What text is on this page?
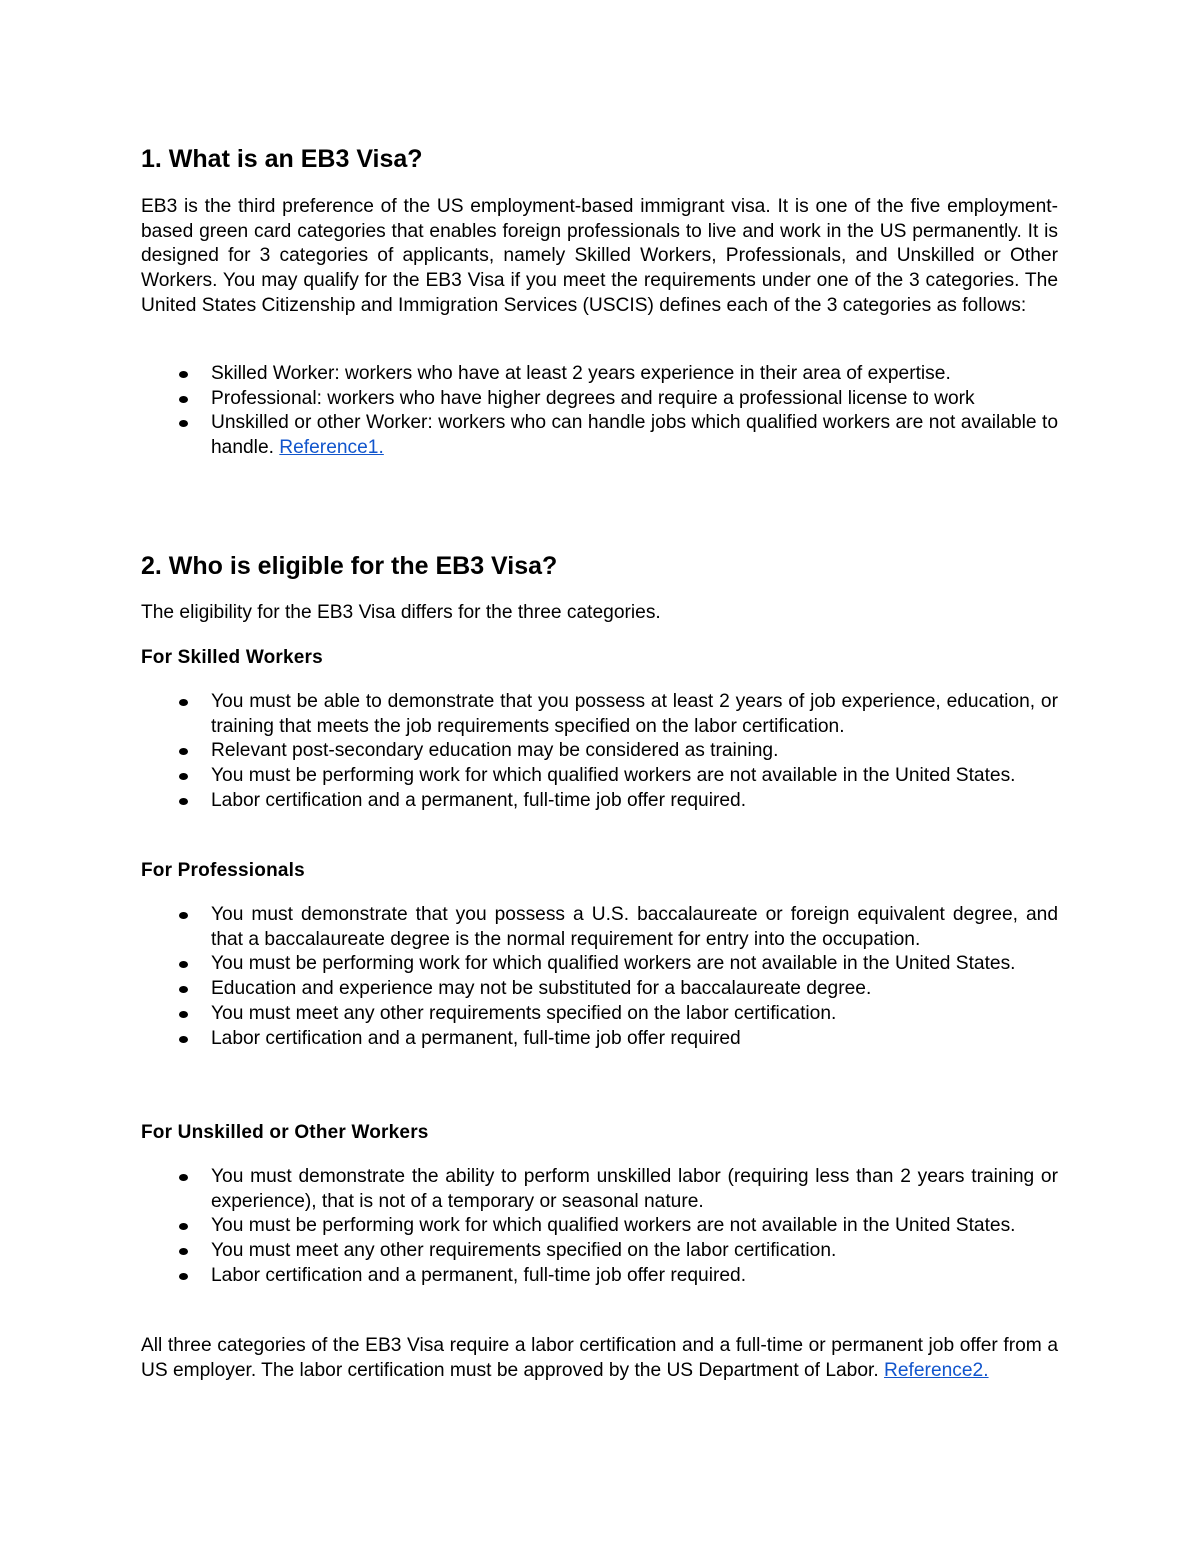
1. What is an EB3 Visa?

EB3 is the third preference of the US employment-based immigrant visa. It is one of the five employment-based green card categories that enables foreign professionals to live and work in the US permanently. It is designed for 3 categories of applicants, namely Skilled Workers, Professionals, and Unskilled or Other Workers. You may qualify for the EB3 Visa if you meet the requirements under one of the 3 categories. The United States Citizenship and Immigration Services (USCIS) defines each of the 3 categories as follows:

Skilled Worker: workers who have at least 2 years experience in their area of expertise.
Professional: workers who have higher degrees and require a professional license to work
Unskilled or other Worker: workers who can handle jobs which qualified workers are not available to handle. Reference1.
2. Who is eligible for the EB3 Visa?

The eligibility for the EB3 Visa differs for the three categories.

For Skilled Workers

You must be able to demonstrate that you possess at least 2 years of job experience, education, or training that meets the job requirements specified on the labor certification.
Relevant post-secondary education may be considered as training.
You must be performing work for which qualified workers are not available in the United States.
Labor certification and a permanent, full-time job offer required.

For Professionals

You must demonstrate that you possess a U.S. baccalaureate or foreign equivalent degree, and that a baccalaureate degree is the normal requirement for entry into the occupation.
You must be performing work for which qualified workers are not available in the United States.
Education and experience may not be substituted for a baccalaureate degree.
You must meet any other requirements specified on the labor certification.
Labor certification and a permanent, full-time job offer required

For Unskilled or Other Workers

You must demonstrate the ability to perform unskilled labor (requiring less than 2 years training or experience), that is not of a temporary or seasonal nature.
You must be performing work for which qualified workers are not available in the United States.
You must meet any other requirements specified on the labor certification.
Labor certification and a permanent, full-time job offer required.

All three categories of the EB3 Visa require a labor certification and a full-time or permanent job offer from a US employer. The labor certification must be approved by the US Department of Labor. Reference2.
